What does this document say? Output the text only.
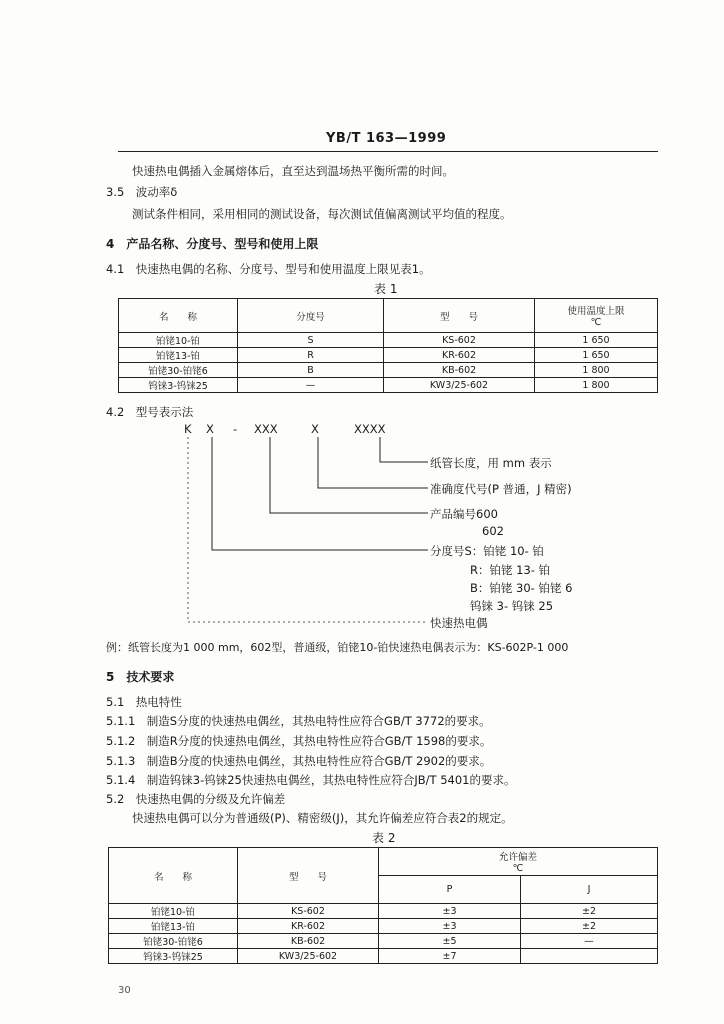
YB/T 163—1999
快速热电偶插入金属熔体后，直至达到温场热平衡所需的时间。
3.5　波动率δ
测试条件相同，采用相同的测试设备，每次测试值偏离测试平均值的程度。
4　产品名称、分度号、型号和使用上限
4.1　快速热电偶的名称、分度号、型号和使用温度上限见表1。
表 1
名　　称	分度号	型　　号	使用温度上限
℃

铂铑10-铂	S	KS-602	1 650
铂铑13-铂	R	KR-602	1 650
铂铑30-铂铑6	B	KB-602	1 800
钨铼3-钨铼25	—	KW3/25-602	1 800
4.2　型号表示法
K X - XXX	X	XXXX
纸管长度，用 mm 表示
准确度代号(P 普通，J 精密)
产品编号600
602
分度号S：铂铑 10- 铂
R：铂铑 13- 铂
B：铂铑 30- 铂铑 6
钨铼 3- 钨铼 25
快速热电偶
例：纸管长度为1 000 mm，602型，普通级，铂铑10-铂快速热电偶表示为：KS-602P-1 000
5　技术要求
5.1　热电特性
5.1.1　制造S分度的快速热电偶丝，其热电特性应符合GB/T 3772的要求。
5.1.2　制造R分度的快速热电偶丝，其热电特性应符合GB/T 1598的要求。
5.1.3　制造B分度的快速热电偶丝，其热电特性应符合GB/T 2902的要求。
5.1.4　制造钨铼3-钨铼25快速热电偶丝，其热电特性应符合JB/T 5401的要求。
5.2　快速热电偶的分级及允许偏差
快速热电偶可以分为普通级(P)、精密级(J)，其允许偏差应符合表2的规定。
表 2
名　　称	型　　号	允许偏差
℃	

		P	J
铂铑10-铂	KS-602	±3	±2
铂铑13-铂	KR-602	±3	±2
铂铑30-铂铑6	KB-602	±5	—
钨铼3-钨铼25	KW3/25-602	±7	
30
